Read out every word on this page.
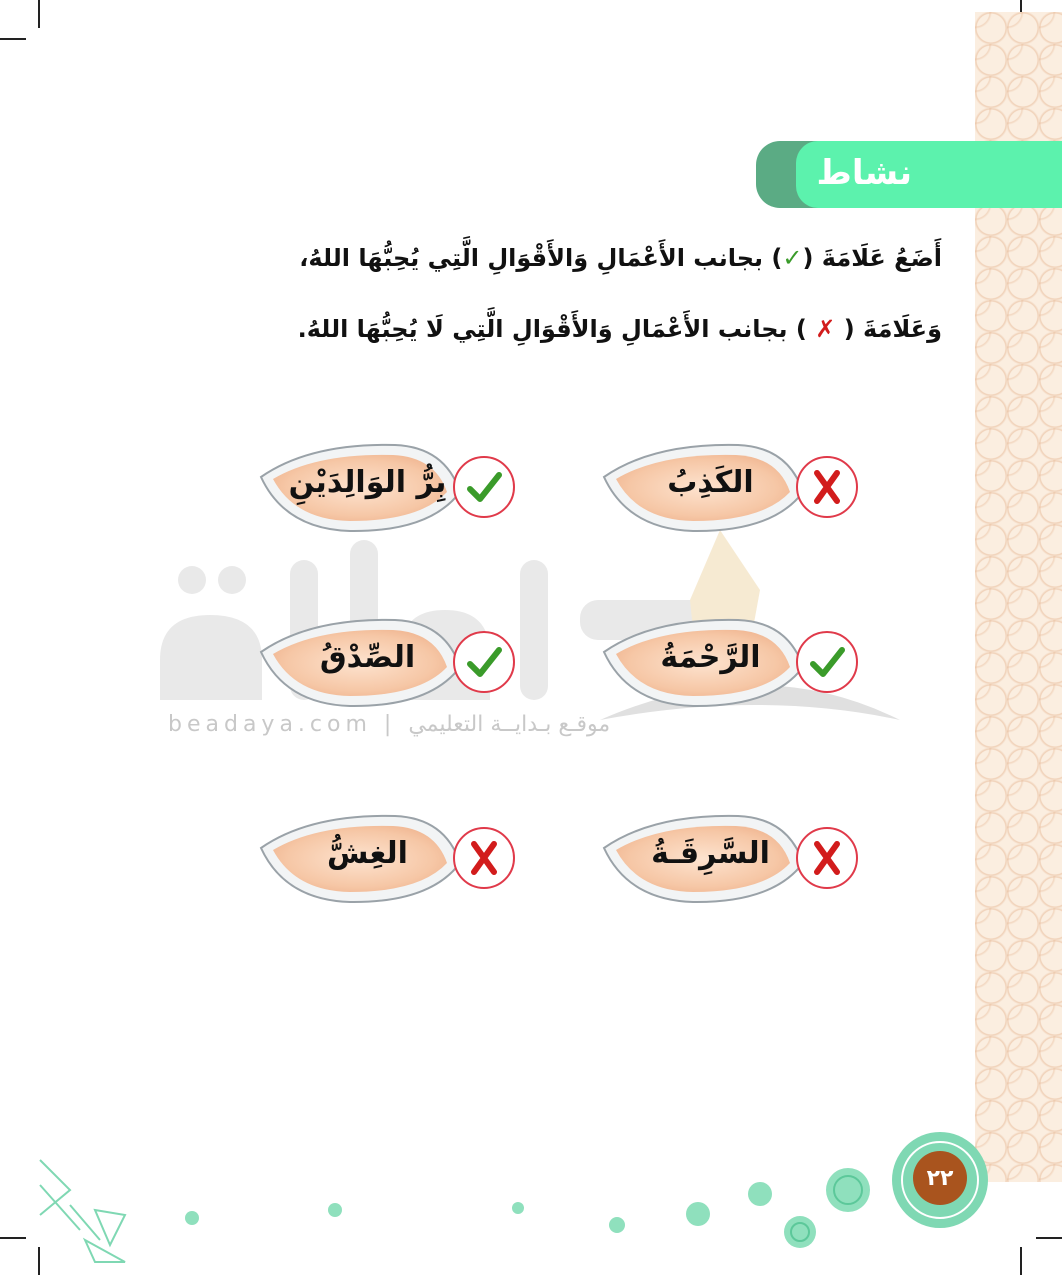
beadaya.com | موقـع بـدايــة التعليمي
نشاط
أَضَعُ عَلَامَةَ (✓) بجانب الأَعْمَالِ وَالأَقْوَالِ الَّتِي يُحِبُّهَا اللهُ،
وَعَلَامَةَ ( ✗ ) بجانب الأَعْمَالِ وَالأَقْوَالِ الَّتِي لَا يُحِبُّهَا اللهُ.
الكَذِبُ
بِرُّ الوَالِدَيْنِ
الرَّحْمَةُ
الصِّدْقُ
السَّرِقَـةُ
الغِشُّ
٢٢
